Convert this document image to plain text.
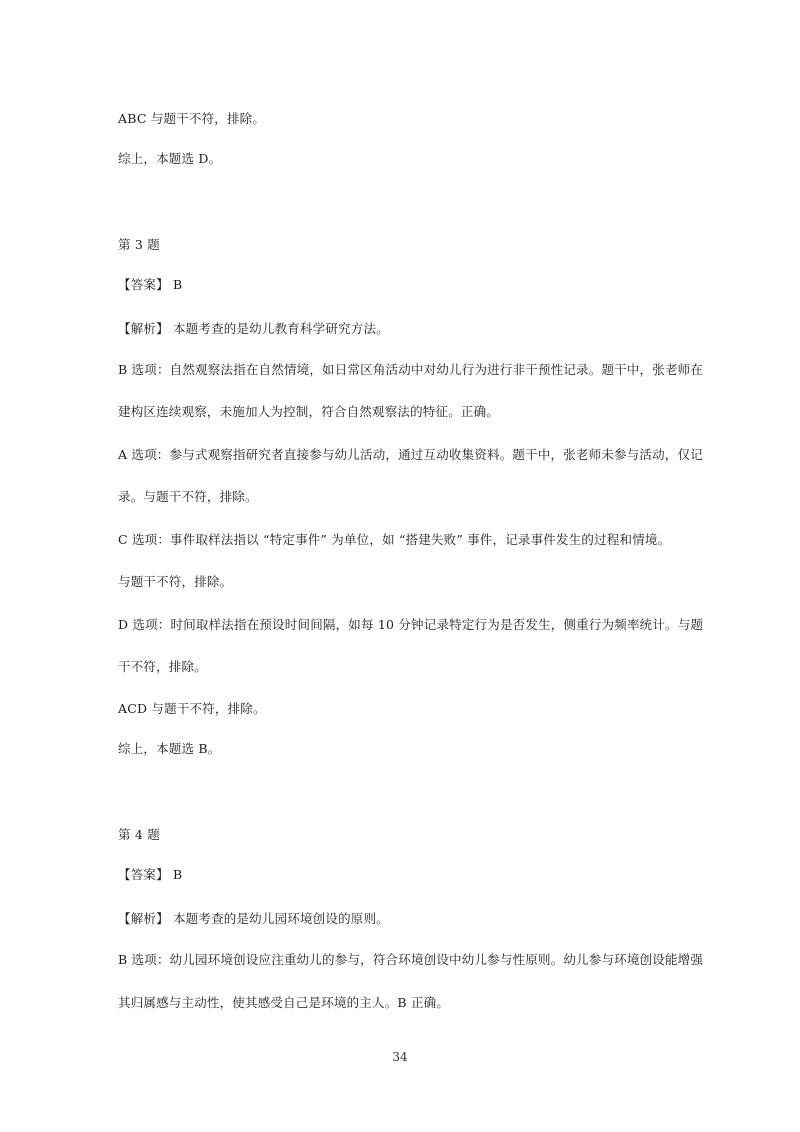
ABC 与题干不符，排除。
综上，本题选 D。
第 3 题
【答案】 B
【解析】 本题考查的是幼儿教育科学研究方法。
B 选项：自然观察法指在自然情境，如日常区角活动中对幼儿行为进行非干预性记录。题干中，张老师在
建构区连续观察，未施加人为控制，符合自然观察法的特征。正确。
A 选项：参与式观察指研究者直接参与幼儿活动，通过互动收集资料。题干中，张老师未参与活动，仅记
录。与题干不符，排除。
C 选项：事件取样法指以 “特定事件” 为单位，如 “搭建失败” 事件，记录事件发生的过程和情境。
与题干不符，排除。
D 选项：时间取样法指在预设时间间隔，如每 10 分钟记录特定行为是否发生，侧重行为频率统计。与题
干不符，排除。
ACD 与题干不符，排除。
综上，本题选 B。
第 4 题
【答案】 B
【解析】 本题考查的是幼儿园环境创设的原则。
B 选项：幼儿园环境创设应注重幼儿的参与，符合环境创设中幼儿参与性原则。幼儿参与环境创设能增强
其归属感与主动性，使其感受自己是环境的主人。B 正确。
34
